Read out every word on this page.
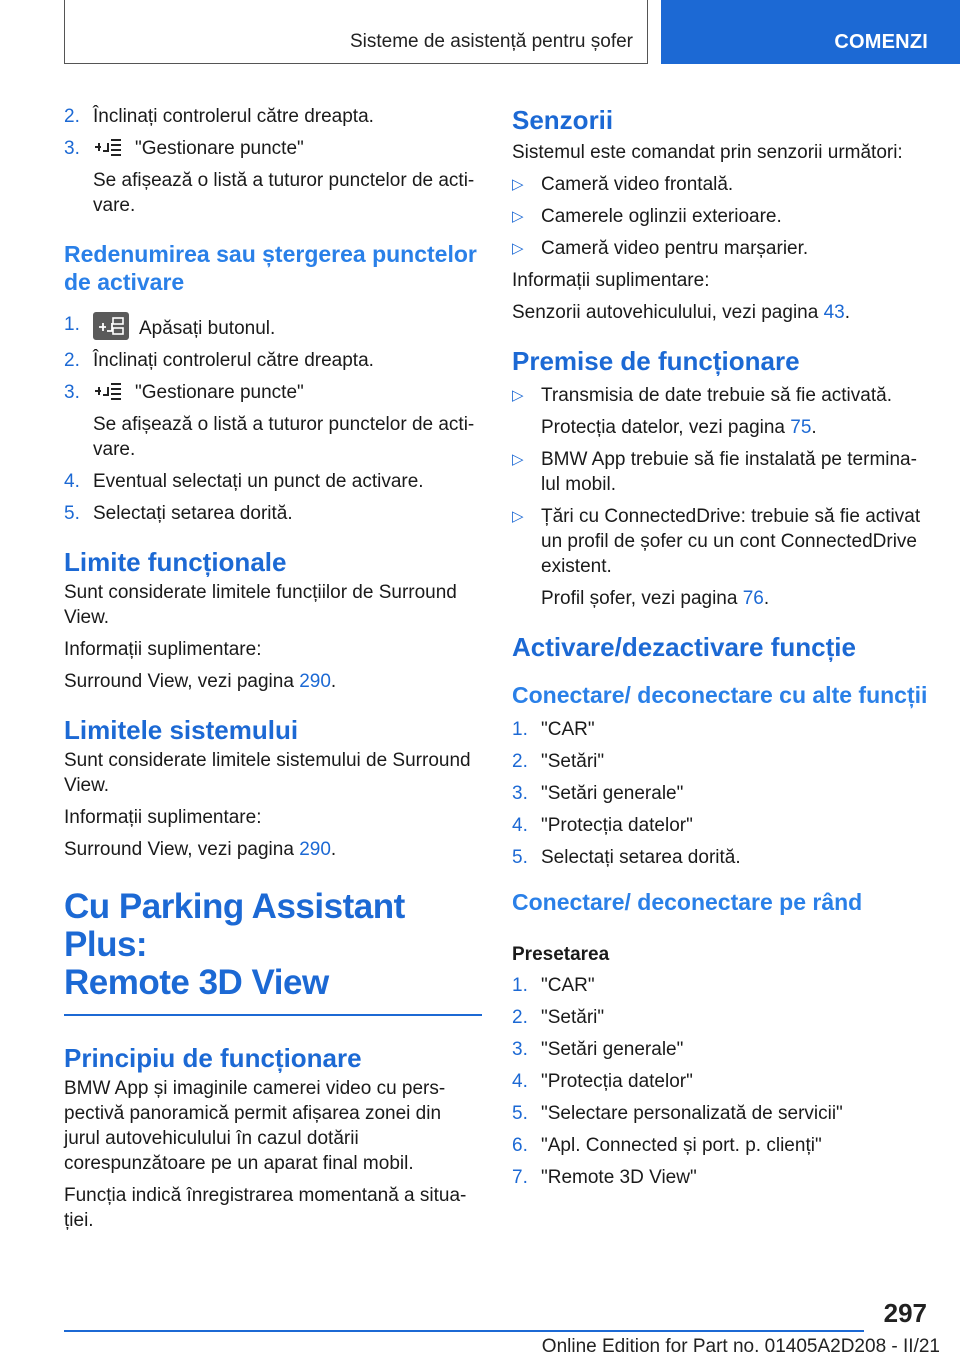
Sisteme de asistență pentru șofer	COMENZI
2. Înclinați controlerul către dreapta.
3.	"Gestionare puncte"

Se afișează o listă a tuturor punctelor de acti‐vare.

Redenumirea sau ștergerea punctelor de activare
1.	Apăsați butonul.
2. Înclinați controlerul către dreapta.
3.	"Gestionare puncte"

Se afișează o listă a tuturor punctelor de acti‐vare.

4. Eventual selectați un punct de activare.
5. Selectați setarea dorită.
Limite funcționale

Sunt considerate limitele funcțiilor de Surround View.

Informații suplimentare:

Surround View, vezi pagina 290.

Limitele sistemului

Sunt considerate limitele sistemului de Surround View.

Informații suplimentare:

Surround View, vezi pagina 290.

Cu Parking Assistant Plus:
Remote 3D View
Principiu de funcționare

BMW App și imaginile camerei video cu pers‐pectivă panoramică permit afișarea zonei din jurul autovehiculului în cazul dotării corespunzătoare pe un aparat final mobil.

Funcția indică înregistrarea momentană a situa‐ției.

Senzorii

Sistemul este comandat prin senzorii următori:

▷ Cameră video frontală.
▷ Camerele oglinzii exterioare.
▷ Cameră video pentru marșarier.

Informații suplimentare:

Senzorii autovehiculului, vezi pagina 43.

Premise de funcționare
▷ Transmisia de date trebuie să fie activată.

Protecția datelor, vezi pagina 75.

▷ BMW App trebuie să fie instalată pe termina‐lul mobil.
▷ Țări cu ConnectedDrive: trebuie să fie activat un profil de șofer cu un cont ConnectedDrive existent.

Profil șofer, vezi pagina 76.

Activare/dezactivare funcție
Conectare/ deconectare cu alte funcții
1. "CAR"
2. "Setări"
3. "Setări generale"
4. "Protecția datelor"
5. Selectați setarea dorită.
Conectare/ deconectare pe rând
Presetarea
1. "CAR"
2. "Setări"
3. "Setări generale"
4. "Protecția datelor"
5. "Selectare personalizată de servicii"
6. "Apl. Connected și port. p. clienți"
7. "Remote 3D View"
297
Online Edition for Part no. 01405A2D208 - II/21
